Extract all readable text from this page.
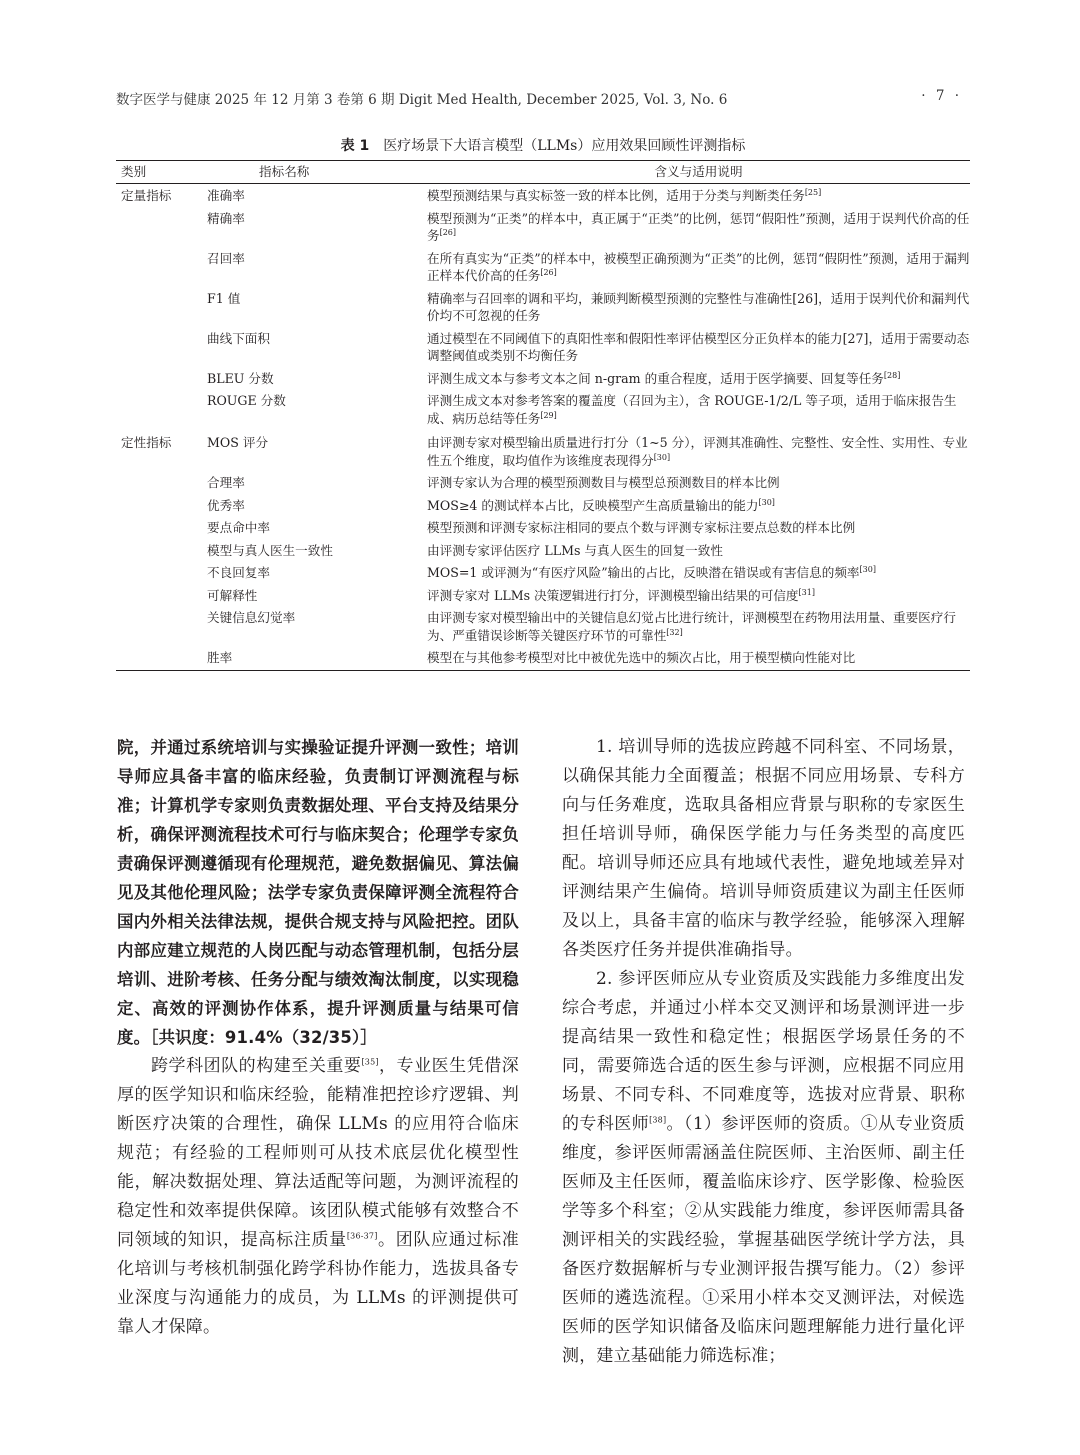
数字医学与健康 2025 年 12 月第 3 卷第 6 期 Digit Med Health, December 2025, Vol. 3, No. 6	· 7 ·
表 1 医疗场景下大语言模型（LLMs）应用效果回顾性评测指标
类别	指标名称	含义与适用说明
定量指标	准确率	模型预测结果与真实标签一致的样本比例，适用于分类与判断类任务[25]
	精确率	模型预测为“正类”的样本中，真正属于“正类”的比例，惩罚“假阳性”预测，适用于误判代价高的任务[26]
	召回率	在所有真实为“正类”的样本中，被模型正确预测为“正类”的比例，惩罚“假阴性”预测，适用于漏判正样本代价高的任务[26]
	F1 值	精确率与召回率的调和平均，兼顾判断模型预测的完整性与准确性[26]，适用于误判代价和漏判代价均不可忽视的任务
	曲线下面积	通过模型在不同阈值下的真阳性率和假阳性率评估模型区分正负样本的能力[27]，适用于需要动态调整阈值或类别不均衡任务
	BLEU 分数	评测生成文本与参考文本之间 n-gram 的重合程度，适用于医学摘要、回复等任务[28]
	ROUGE 分数	评测生成文本对参考答案的覆盖度（召回为主），含 ROUGE-1/2/L 等子项，适用于临床报告生成、病历总结等任务[29]
定性指标	MOS 评分	由评测专家对模型输出质量进行打分（1~5 分），评测其准确性、完整性、安全性、实用性、专业性五个维度，取均值作为该维度表现得分[30]
	合理率	评测专家认为合理的模型预测数目与模型总预测数目的样本比例
	优秀率	MOS≥4 的测试样本占比，反映模型产生高质量输出的能力[30]
	要点命中率	模型预测和评测专家标注相同的要点个数与评测专家标注要点总数的样本比例
	模型与真人医生一致性	由评测专家评估医疗 LLMs 与真人医生的回复一致性
	不良回复率	MOS=1 或评测为“有医疗风险”输出的占比，反映潜在错误或有害信息的频率[30]
	可解释性	评测专家对 LLMs 决策逻辑进行打分，评测模型输出结果的可信度[31]
	关键信息幻觉率	由评测专家对模型输出中的关键信息幻觉占比进行统计，评测模型在药物用法用量、重要医疗行为、严重错误诊断等关键医疗环节的可靠性[32]
	胜率	模型在与其他参考模型对比中被优先选中的频次占比，用于模型横向性能对比

院，并通过系统培训与实操验证提升评测一致性；培训导师应具备丰富的临床经验，负责制订评测流程与标准；计算机学专家则负责数据处理、平台支持及结果分析，确保评测流程技术可行与临床契合；伦理学专家负责确保评测遵循现有伦理规范，避免数据偏见、算法偏见及其他伦理风险；法学专家负责保障评测全流程符合国内外相关法律法规，提供合规支持与风险把控。团队内部应建立规范的人岗匹配与动态管理机制，包括分层培训、进阶考核、任务分配与绩效淘汰制度，以实现稳定、高效的评测协作体系，提升评测质量与结果可信度。［共识度：91.4%（32/35）］

跨学科团队的构建至关重要[35]，专业医生凭借深厚的医学知识和临床经验，能精准把控诊疗逻辑、判断医疗决策的合理性，确保 LLMs 的应用符合临床规范；有经验的工程师则可从技术底层优化模型性能，解决数据处理、算法适配等问题，为测评流程的稳定性和效率提供保障。该团队模式能够有效整合不同领域的知识，提高标注质量[36-37]。团队应通过标准化培训与考核机制强化跨学科协作能力，选拔具备专业深度与沟通能力的成员，为 LLMs 的评测提供可靠人才保障。

1. 培训导师的选拔应跨越不同科室、不同场景，以确保其能力全面覆盖；根据不同应用场景、专科方向与任务难度，选取具备相应背景与职称的专家医生担任培训导师，确保医学能力与任务类型的高度匹配。培训导师还应具有地域代表性，避免地域差异对评测结果产生偏倚。培训导师资质建议为副主任医师及以上，具备丰富的临床与教学经验，能够深入理解各类医疗任务并提供准确指导。

2. 参评医师应从专业资质及实践能力多维度出发综合考虑，并通过小样本交叉测评和场景测评进一步提高结果一致性和稳定性；根据医学场景任务的不同，需要筛选合适的医生参与评测，应根据不同应用场景、不同专科、不同难度等，选拔对应背景、职称的专科医师[38]。（1）参评医师的资质。①从专业资质维度，参评医师需涵盖住院医师、主治医师、副主任医师及主任医师，覆盖临床诊疗、医学影像、检验医学等多个科室；②从实践能力维度，参评医师需具备测评相关的实践经验，掌握基础医学统计学方法，具备医疗数据解析与专业测评报告撰写能力。（2）参评医师的遴选流程。①采用小样本交叉测评法，对候选医师的医学知识储备及临床问题理解能力进行量化评测，建立基础能力筛选标准；
